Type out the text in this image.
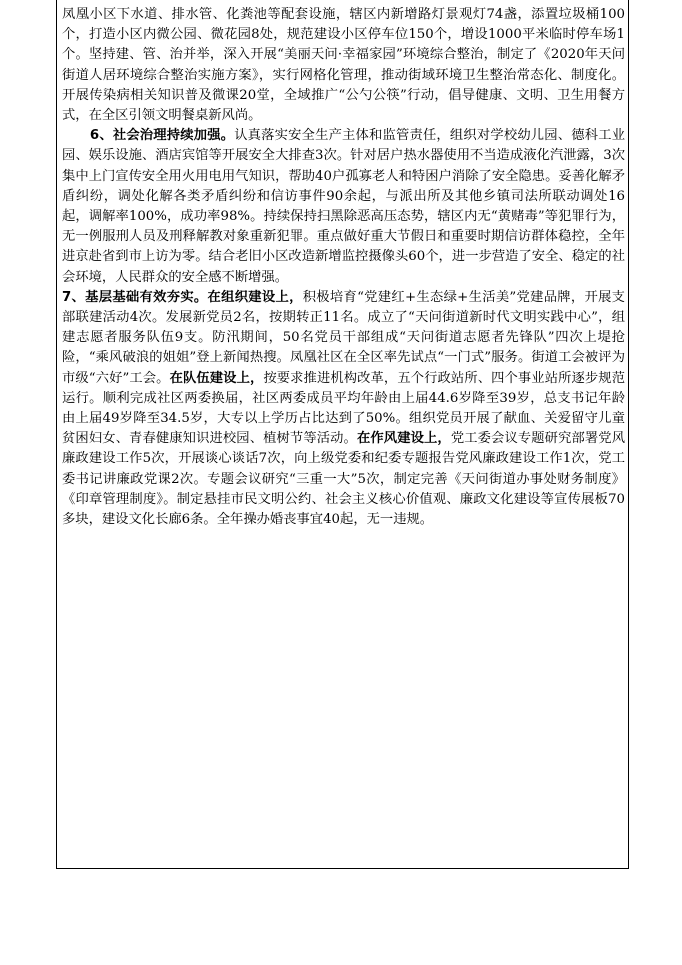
凤凰小区下水道、排水管、化粪池等配套设施，辖区内新增路灯景观灯74盏，添置垃圾桶100个，打造小区内微公园、微花园8处，规范建设小区停车位150个，增设1000平米临时停车场1个。坚持建、管、治并举，深入开展“美丽天问·幸福家园”环境综合整治，制定了《2020年天问街道人居环境综合整治实施方案》，实行网格化管理，推动街域环境卫生整治常态化、制度化。开展传染病相关知识普及微课20堂，全域推广“公勺公筷”行动，倡导健康、文明、卫生用餐方式，在全区引领文明餐桌新风尚。

6、社会治理持续加强。认真落实安全生产主体和监管责任，组织对学校幼儿园、德科工业园、娱乐设施、酒店宾馆等开展安全大排查3次。针对居户热水器使用不当造成液化汽泄露，3次集中上门宣传安全用火用电用气知识，帮助40户孤寡老人和特困户消除了安全隐患。妥善化解矛盾纠纷，调处化解各类矛盾纠纷和信访事件90余起，与派出所及其他乡镇司法所联动调处16起，调解率100%，成功率98%。持续保持扫黑除恶高压态势，辖区内无“黄赌毒”等犯罪行为，无一例服刑人员及刑释解教对象重新犯罪。重点做好重大节假日和重要时期信访群体稳控，全年进京赴省到市上访为零。结合老旧小区改造新增监控摄像头60个，进一步营造了安全、稳定的社会环境，人民群众的安全感不断增强。

7、基层基础有效夯实。在组织建设上，积极培育“党建红+生态绿+生活美”党建品牌，开展支部联建活动4次。发展新党员2名，按期转正11名。成立了“天问街道新时代文明实践中心”，组建志愿者服务队伍9支。防汛期间，50名党员干部组成“天问街道志愿者先锋队”四次上堤抢险，“乘风破浪的姐姐”登上新闻热搜。凤凰社区在全区率先试点“一门式”服务。街道工会被评为市级“六好”工会。在队伍建设上，按要求推进机构改革，五个行政站所、四个事业站所逐步规范运行。顺利完成社区两委换届，社区两委成员平均年龄由上届44.6岁降至39岁，总支书记年龄由上届49岁降至34.5岁，大专以上学历占比达到了50%。组织党员开展了献血、关爱留守儿童贫困妇女、青春健康知识进校园、植树节等活动。在作风建设上，党工委会议专题研究部署党风廉政建设工作5次，开展谈心谈话7次，向上级党委和纪委专题报告党风廉政建设工作1次，党工委书记讲廉政党课2次。专题会议研究“三重一大”5次，制定完善《天问街道办事处财务制度》《印章管理制度》。制定悬挂市民文明公约、社会主义核心价值观、廉政文化建设等宣传展板70多块，建设文化长廊6条。全年操办婚丧事宜40起，无一违规。
